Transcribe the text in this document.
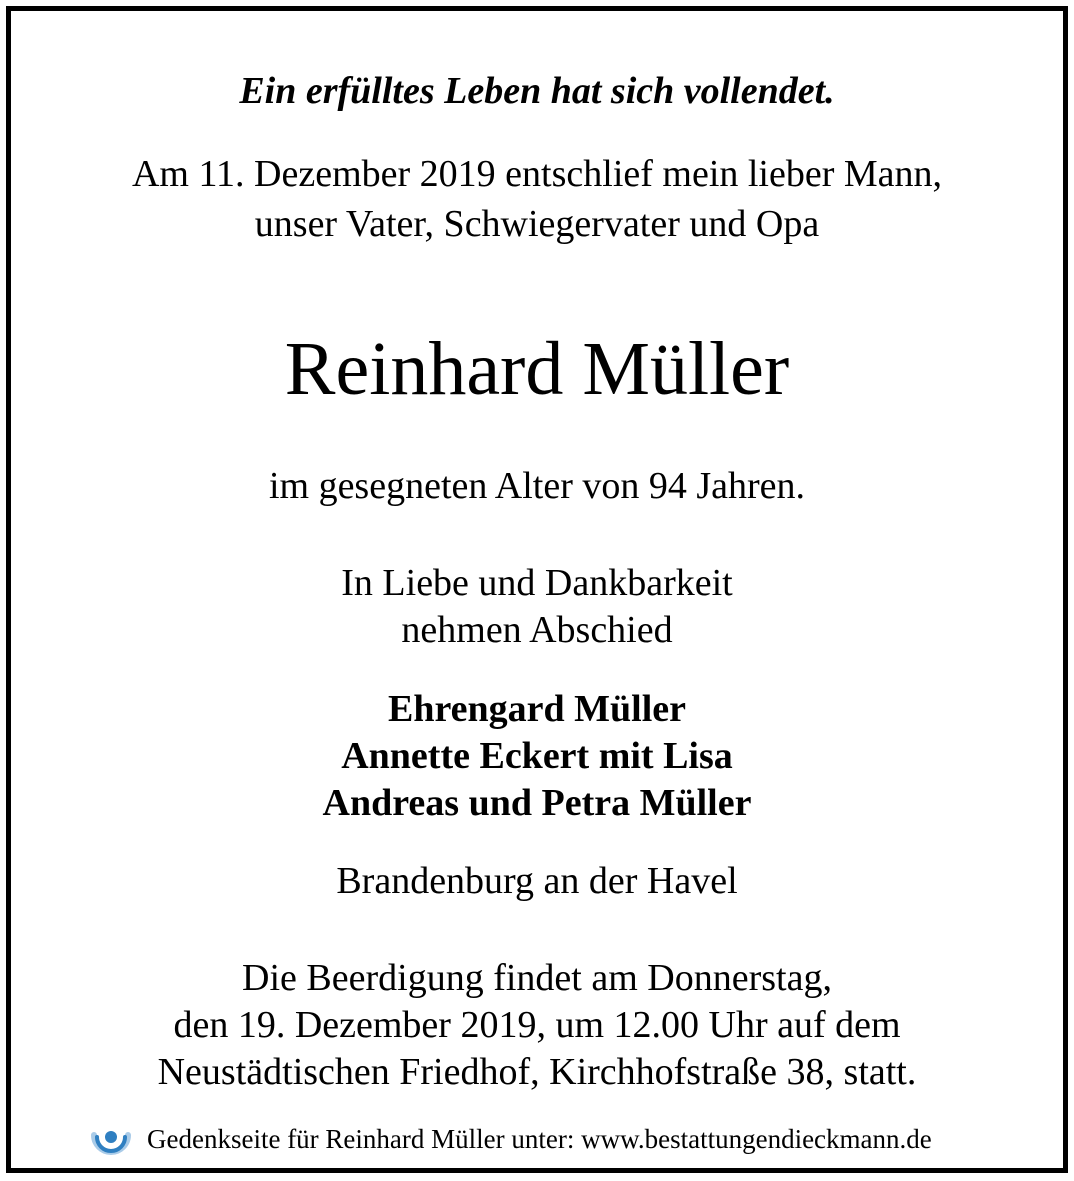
Ein erfülltes Leben hat sich vollendet.
Am 11. Dezember 2019 entschlief mein lieber Mann,
unser Vater, Schwiegervater und Opa
Reinhard Müller
im gesegneten Alter von 94 Jahren.
In Liebe und Dankbarkeit
nehmen Abschied
Ehrengard Müller
Annette Eckert mit Lisa
Andreas und Petra Müller
Brandenburg an der Havel
Die Beerdigung findet am Donnerstag,
den 19. Dezember 2019, um 12.00 Uhr auf dem
Neustädtischen Friedhof, Kirchhofstraße 38, statt.
Gedenkseite für Reinhard Müller unter: www.bestattungendieckmann.de
